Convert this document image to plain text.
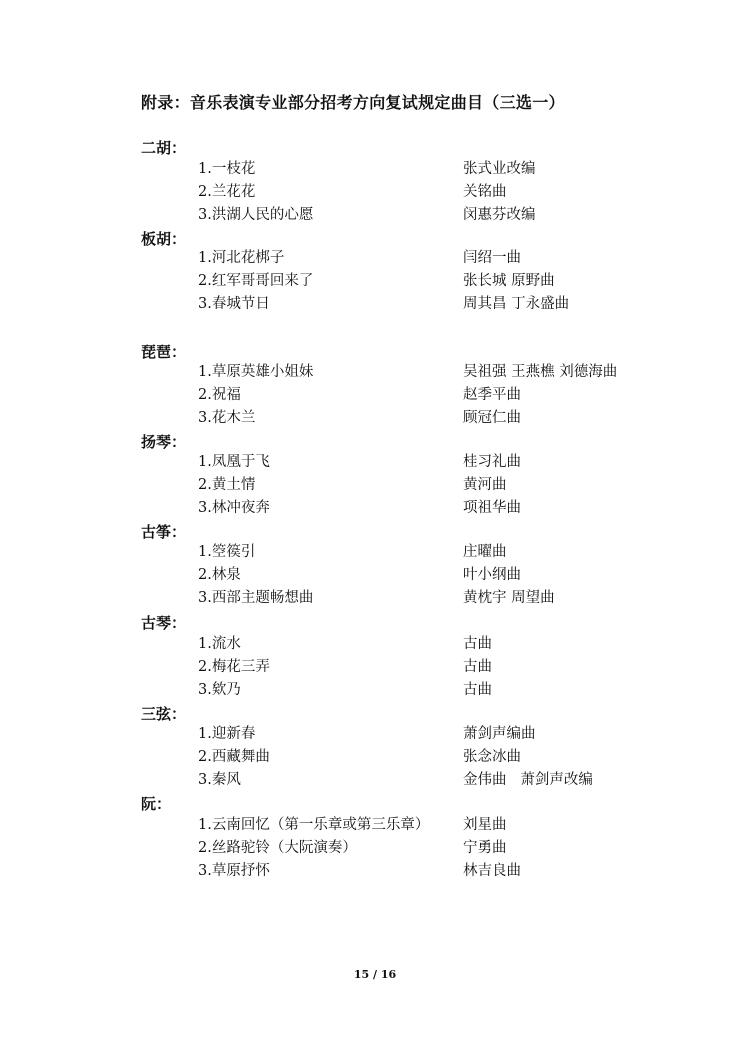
附录：音乐表演专业部分招考方向复试规定曲目（三选一）
二胡：
1.一枝花	张式业改编
2.兰花花	关铭曲
3.洪湖人民的心愿	闵惠芬改编
板胡：
1.河北花梆子	闫绍一曲
2.红军哥哥回来了	张长城 原野曲
3.春城节日	周其昌 丁永盛曲
琵琶：
1.草原英雄小姐妹	吴祖强 王燕樵 刘德海曲
2.祝福	赵季平曲
3.花木兰	顾冠仁曲
扬琴：
1.凤凰于飞	桂习礼曲
2.黄土情	黄河曲
3.林冲夜奔	项祖华曲
古筝：
1.箜篌引	庄曜曲
2.林泉	叶小纲曲
3.西部主题畅想曲	黄枕宇 周望曲
古琴：
1.流水	古曲
2.梅花三弄	古曲
3.欸乃	古曲
三弦：
1.迎新春	萧剑声编曲
2.西藏舞曲	张念冰曲
3.秦风	金伟曲   萧剑声改编
阮：
1.云南回忆（第一乐章或第三乐章） 刘星曲
2.丝路驼铃（大阮演奏）	宁勇曲
3.草原抒怀	林吉良曲
15 / 16
